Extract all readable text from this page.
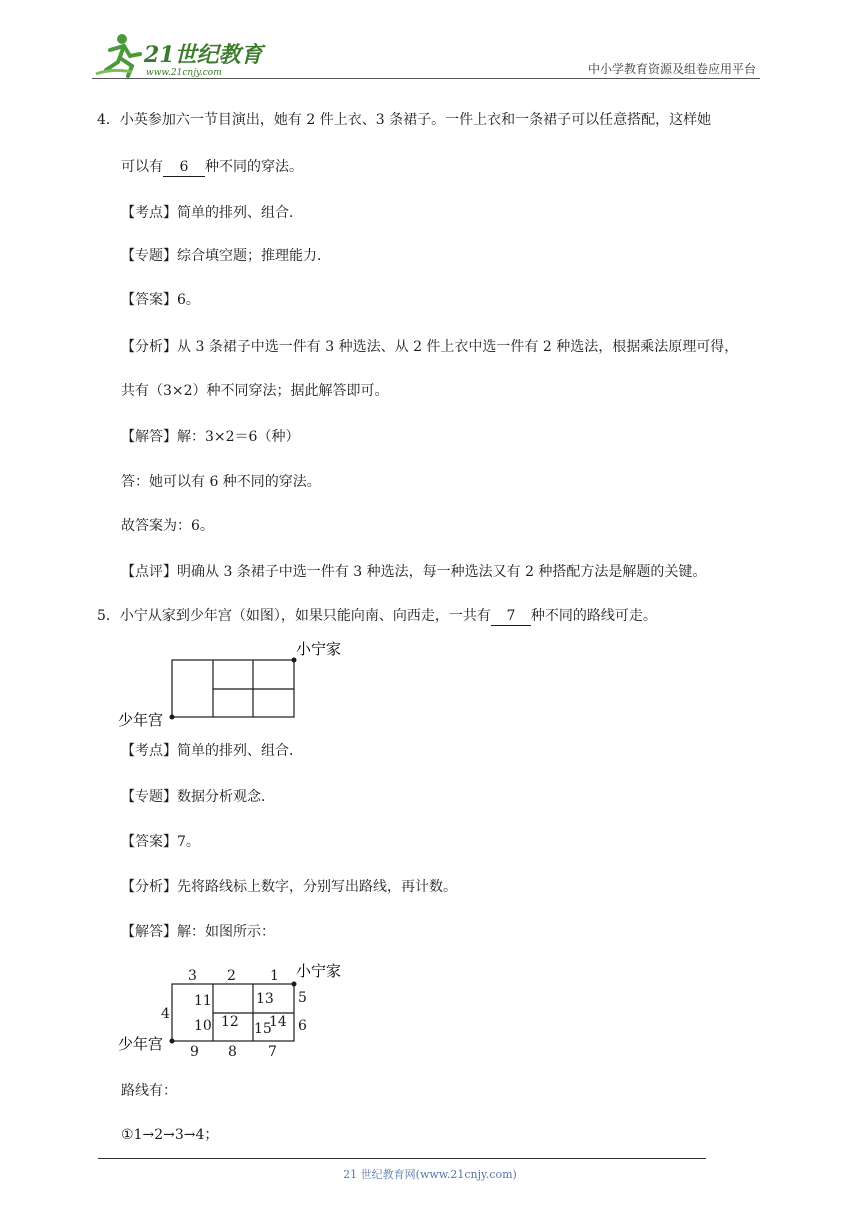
21世纪教育
www.21cnjy.com	中小学教育资源及组卷应用平台
4．小英参加六一节目演出，她有 2 件上衣、3 条裙子。一件上衣和一条裙子可以任意搭配，这样她
可以有 6 种不同的穿法。
【考点】简单的排列、组合．
【专题】综合填空题；推理能力．
【答案】6。
【分析】从 3 条裙子中选一件有 3 种选法、从 2 件上衣中选一件有 2 种选法，根据乘法原理可得，
共有（3×2）种不同穿法；据此解答即可。
【解答】解：3×2＝6（种）
答：她可以有 6 种不同的穿法。
故答案为：6。
【点评】明确从 3 条裙子中选一件有 3 种选法，每一种选法又有 2 种搭配方法是解题的关键。
5．小宁从家到少年宫（如图），如果只能向南、向西走，一共有 7 种不同的路线可走。
小宁家
少年宫
【考点】简单的排列、组合．
【专题】数据分析观念．
【答案】7。
【分析】先将路线标上数字，分别写出路线，再计数。
【解答】解：如图所示：
小宁家
少年宫
3 2 1
4
5
6
9 8 7
11
10 12
13
15
14
路线有：
①1→2→3→4；
21 世纪教育网(www.21cnjy.com)
